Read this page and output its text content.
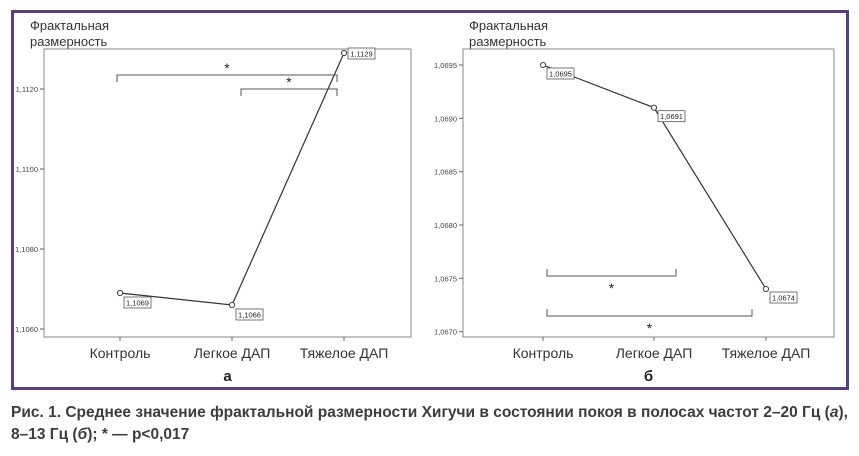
Фрактальная
размерность
1,1060
1,1080
1,1100
1,1120
Контроль	Легкое ДАП Тяжелое ДАП
1,1069
1,1066
1,1129
*
*
а
Фрактальная
размерность
1,0670
1,0675
1,0680
1,0685
1,0690
1,0695
Контроль	Легкое ДАП Тяжелое ДАП
1,0695
1,0691
1,0674
*
*
б
Рис. 1. Среднее значение фрактальной размерности Хигучи в состоянии покоя в полосах частот 2–20 Гц (а), 8–13 Гц (б); * — p<0,017
